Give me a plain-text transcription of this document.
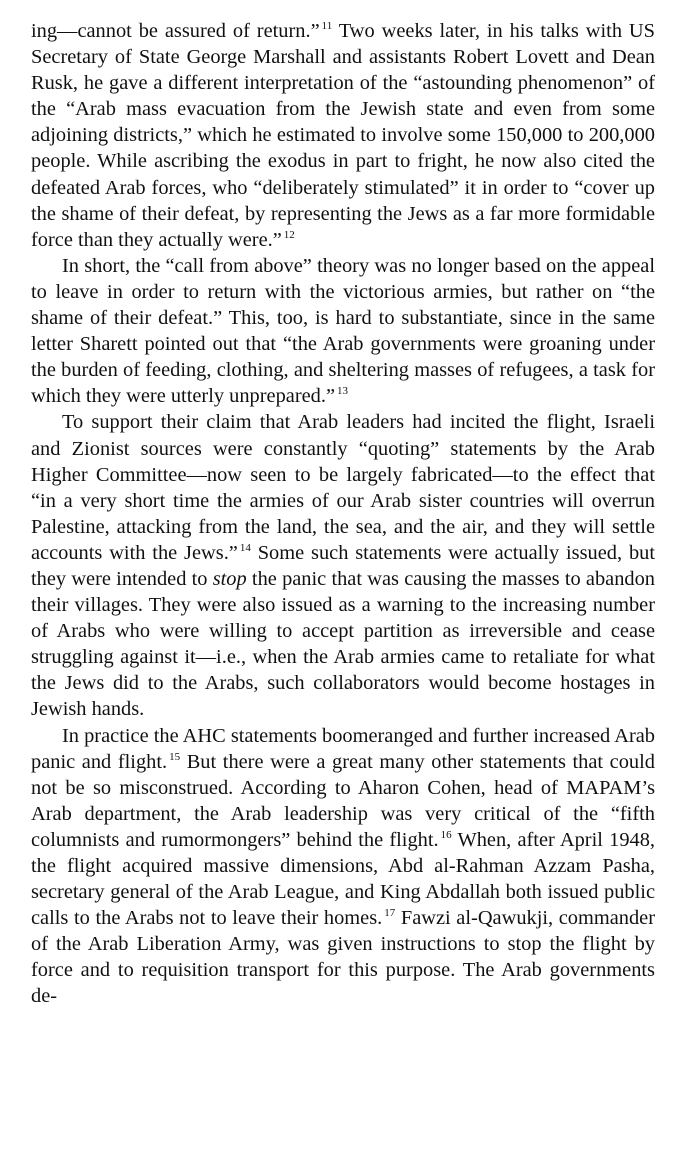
ing—cannot be assured of return.” $^{11}$ Two weeks later, in his talks with US Secretary of State George Marshall and assistants Robert Lovett and Dean Rusk, he gave a different interpretation of the “astounding phenomenon” of the “Arab mass evacuation from the Jewish state and even from some adjoining districts,” which he estimated to involve some 150,000 to 200,000 people. While ascribing the exodus in part to fright, he now also cited the defeated Arab forces, who “deliberately stimulated” it in order to “cover up the shame of their defeat, by representing the Jews as a far more formidable force than they actually were.” $^{12}$

In short, the “call from above” theory was no longer based on the appeal to leave in order to return with the victorious armies, but rather on “the shame of their defeat.” This, too, is hard to substantiate, since in the same letter Sharett pointed out that “the Arab governments were groaning under the burden of feeding, clothing, and sheltering masses of refugees, a task for which they were utterly unprepared.” $^{13}$

To support their claim that Arab leaders had incited the flight, Israeli and Zionist sources were constantly “quoting” statements by the Arab Higher Committee—now seen to be largely fabricated—to the effect that “in a very short time the armies of our Arab sister countries will overrun Palestine, attacking from the land, the sea, and the air, and they will settle accounts with the Jews.” $^{14}$ Some such statements were actually issued, but they were intended to stop the panic that was causing the masses to abandon their villages. They were also issued as a warning to the increasing number of Arabs who were willing to accept partition as irreversible and cease struggling against it—i.e., when the Arab armies came to retaliate for what the Jews did to the Arabs, such collaborators would become hostages in Jewish hands.

In practice the AHC statements boomeranged and further increased Arab panic and flight. $^{15}$ But there were a great many other statements that could not be so misconstrued. According to Aharon Cohen, head of MAPAM’s Arab department, the Arab leadership was very critical of the “fifth columnists and rumormongers” behind the flight. $^{16}$ When, after April 1948, the flight acquired massive dimensions, Abd al-Rahman Azzam Pasha, secretary general of the Arab League, and King Abdallah both issued public calls to the Arabs not to leave their homes. $^{17}$ Fawzi al-Qawukji, commander of the Arab Liberation Army, was given instructions to stop the flight by force and to requisition transport for this purpose. The Arab governments de-
